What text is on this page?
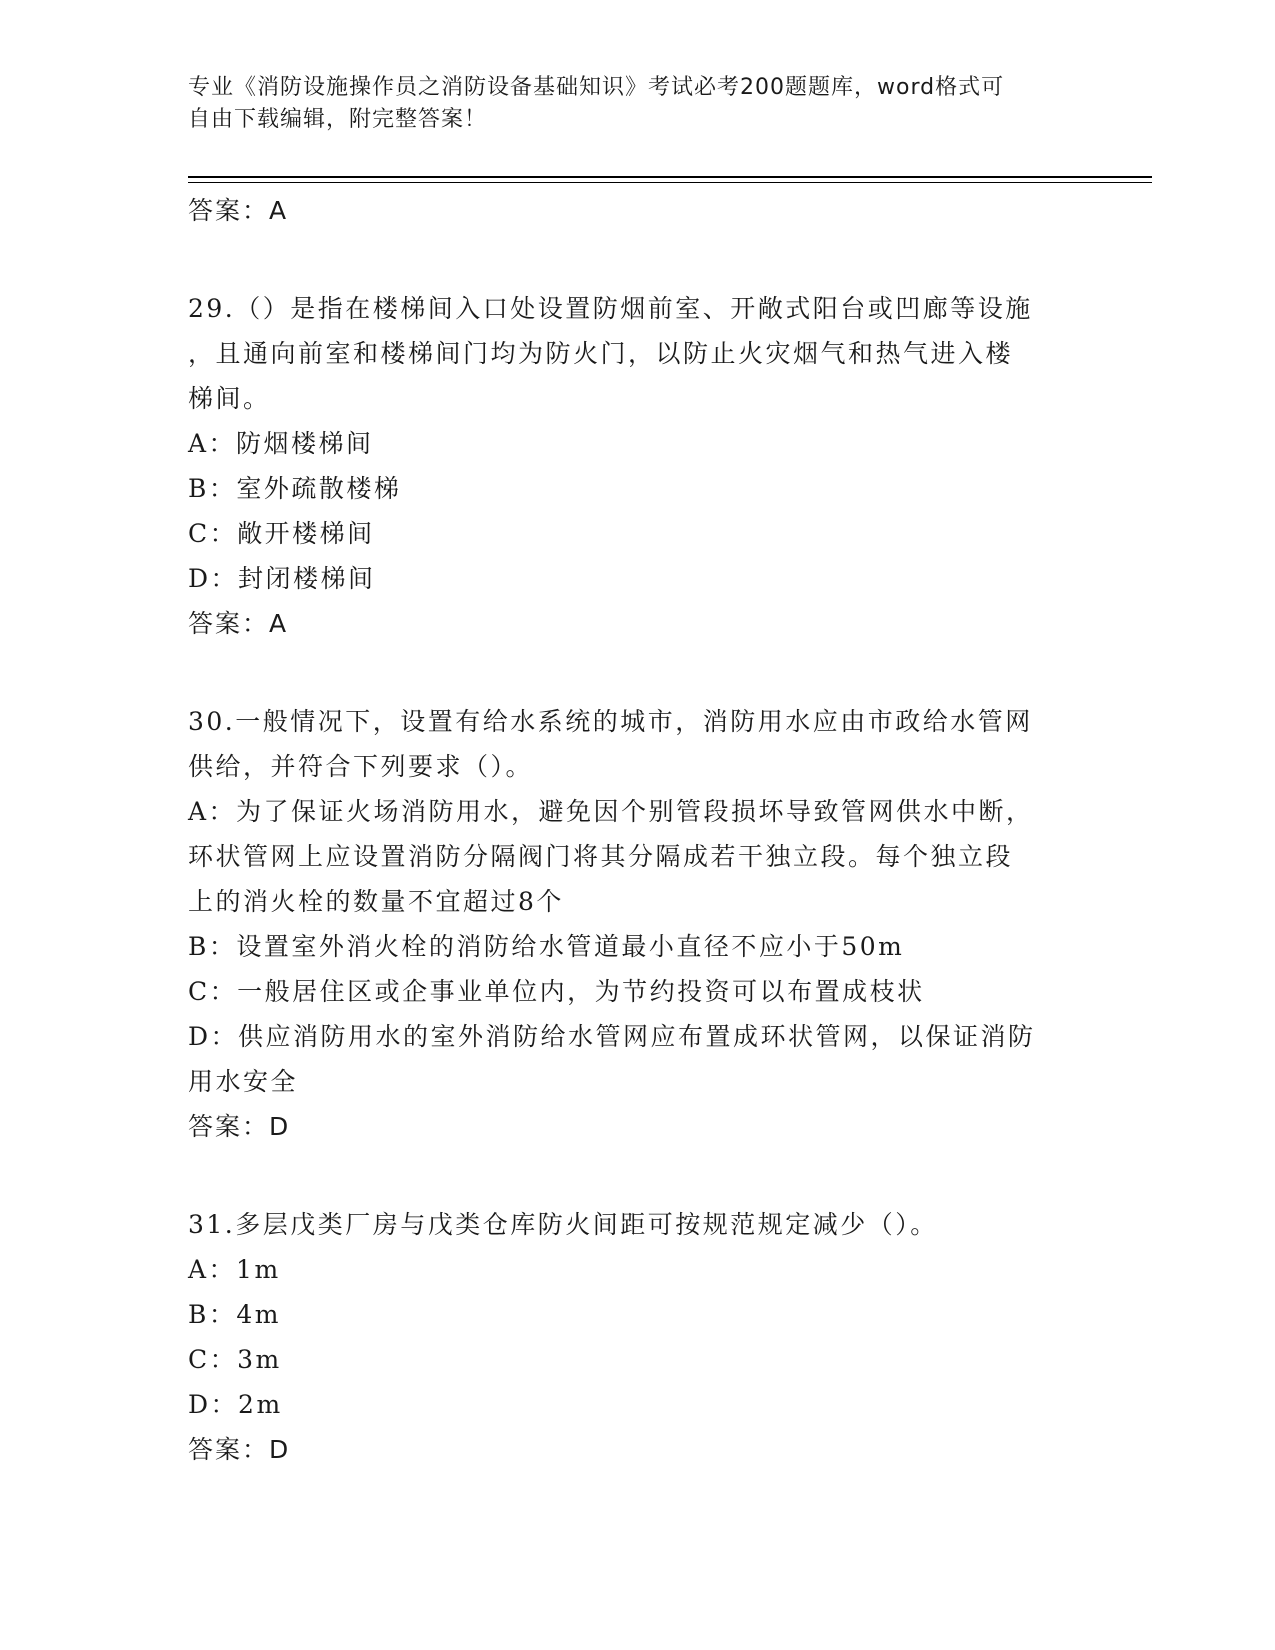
专业《消防设施操作员之消防设备基础知识》考试必考200题题库，word格式可
自由下载编辑，附完整答案！
答案：A
29.（）是指在楼梯间入口处设置防烟前室、开敞式阳台或凹廊等设施
，且通向前室和楼梯间门均为防火门，以防止火灾烟气和热气进入楼
梯间。
A：防烟楼梯间
B：室外疏散楼梯
C：敞开楼梯间
D：封闭楼梯间
答案：A
30.一般情况下，设置有给水系统的城市，消防用水应由市政给水管网
供给，并符合下列要求（）。
A：为了保证火场消防用水，避免因个别管段损坏导致管网供水中断，
环状管网上应设置消防分隔阀门将其分隔成若干独立段。每个独立段
上的消火栓的数量不宜超过8个
B：设置室外消火栓的消防给水管道最小直径不应小于50m
C：一般居住区或企事业单位内，为节约投资可以布置成枝状
D：供应消防用水的室外消防给水管网应布置成环状管网，以保证消防
用水安全
答案：D
31.多层戊类厂房与戊类仓库防火间距可按规范规定减少（）。
A：1m
B：4m
C：3m
D：2m
答案：D
